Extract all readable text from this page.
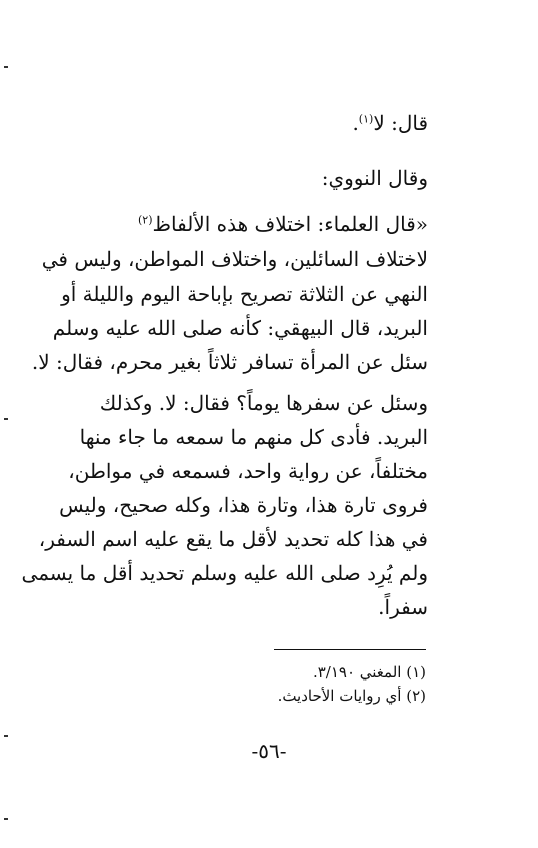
قال: لا$^{(١)}$.
وقال النووي:
«قال العلماء: اختلاف هذه الألفاظ$^{(٢)}$
لاختلاف السائلين، واختلاف المواطن، وليس في
النهي عن الثلاثة تصريح بإباحة اليوم والليلة أو
البريد، قال البيهقي: كأنه صلى الله عليه وسلم
سئل عن المرأة تسافر ثلاثاً بغير محرم، فقال: لا.
وسئل عن سفرها يوماً؟ فقال: لا. وكذلك
البريد. فأدى كل منهم ما سمعه ما جاء منها
مختلفاً، عن رواية واحد، فسمعه في مواطن،
فروى تارة هذا، وتارة هذا، وكله صحيح، وليس
في هذا كله تحديد لأقل ما يقع عليه اسم السفر،
ولم يُرِد صلى الله عليه وسلم تحديد أقل ما يسمى
سفراً.
(١) المغني ٣/١٩٠.
(٢) أي روايات الأحاديث.
-٥٦-
